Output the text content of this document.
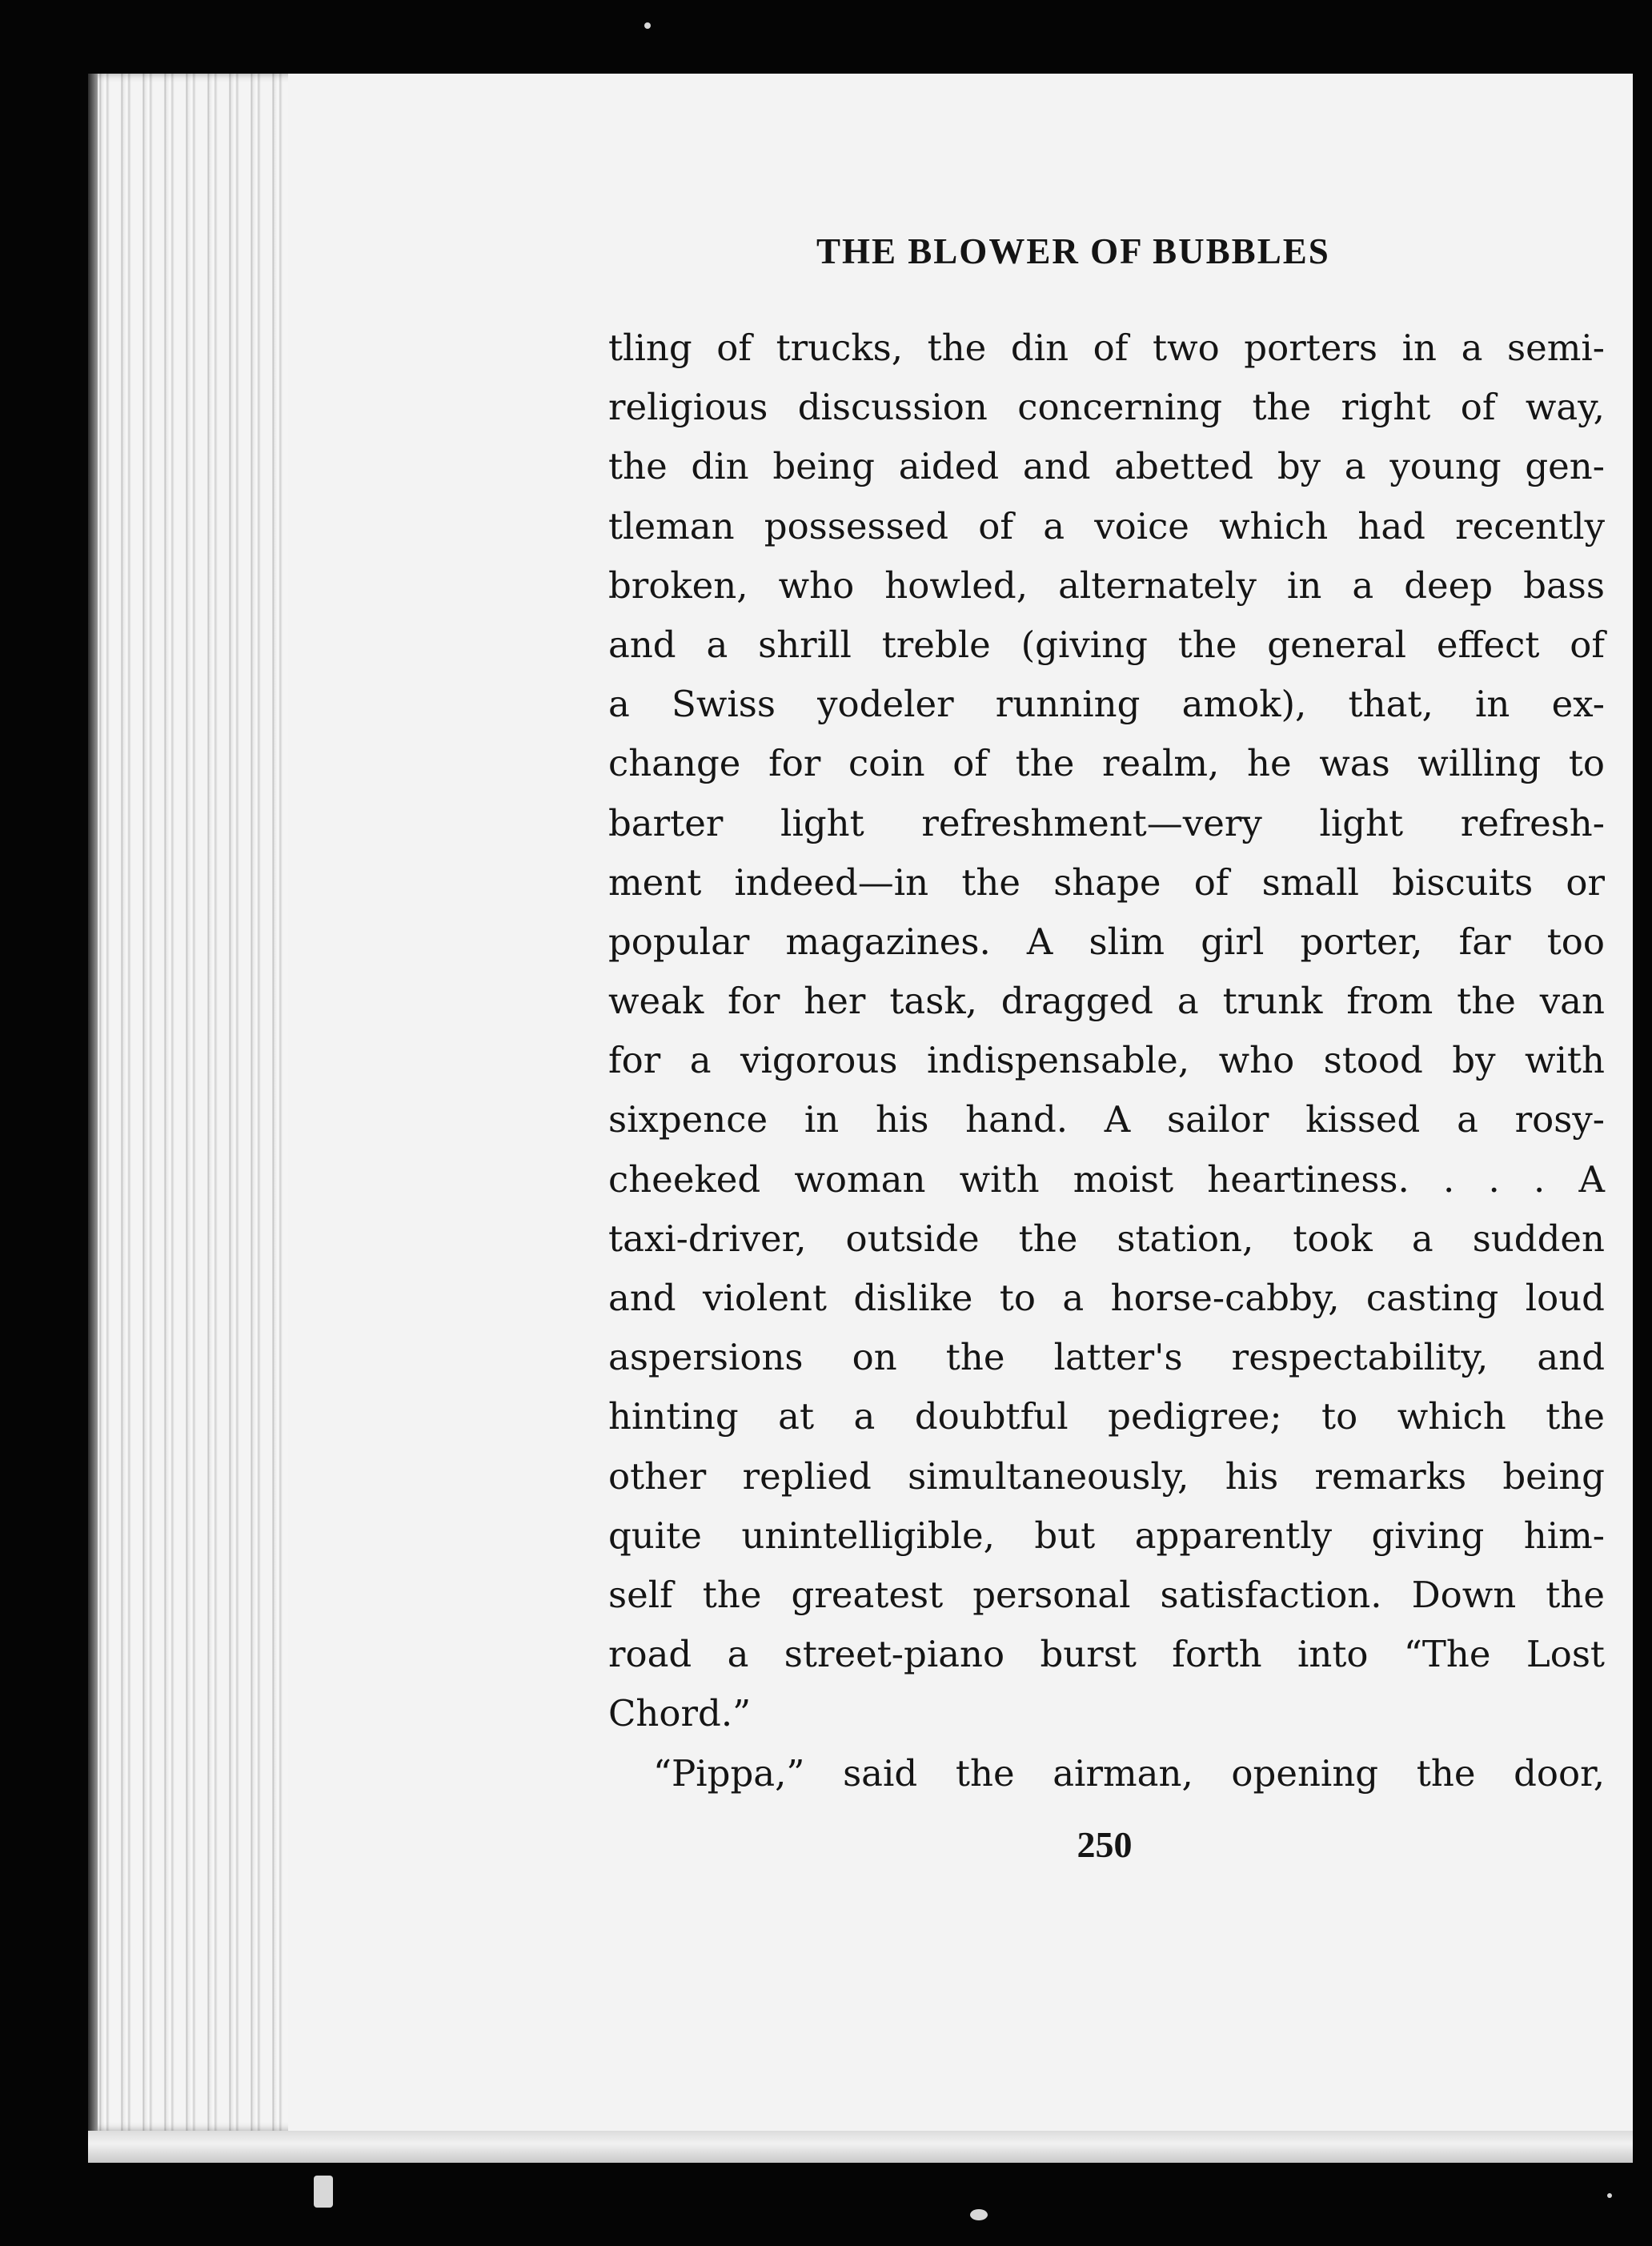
THE BLOWER OF BUBBLES
tling of trucks, the din of two porters in a semi-
religious discussion concerning the right of way,
the din being aided and abetted by a young gen-
tleman possessed of a voice which had recently
broken, who howled, alternately in a deep bass
and a shrill treble (giving the general effect of
a Swiss yodeler running amok), that, in ex-
change for coin of the realm, he was willing to
barter light refreshment—very light refresh-
ment indeed—in the shape of small biscuits or
popular magazines. A slim girl porter, far too
weak for her task, dragged a trunk from the van
for a vigorous indispensable, who stood by with
sixpence in his hand. A sailor kissed a rosy-
cheeked woman with moist heartiness. . . . A
taxi-driver, outside the station, took a sudden
and violent dislike to a horse-cabby, casting loud
aspersions on the latter's respectability, and
hinting at a doubtful pedigree; to which the
other replied simultaneously, his remarks being
quite unintelligible, but apparently giving him-
self the greatest personal satisfaction. Down the
road a street-piano burst forth into “The Lost
Chord.”
“Pippa,” said the airman, opening the door,
250
